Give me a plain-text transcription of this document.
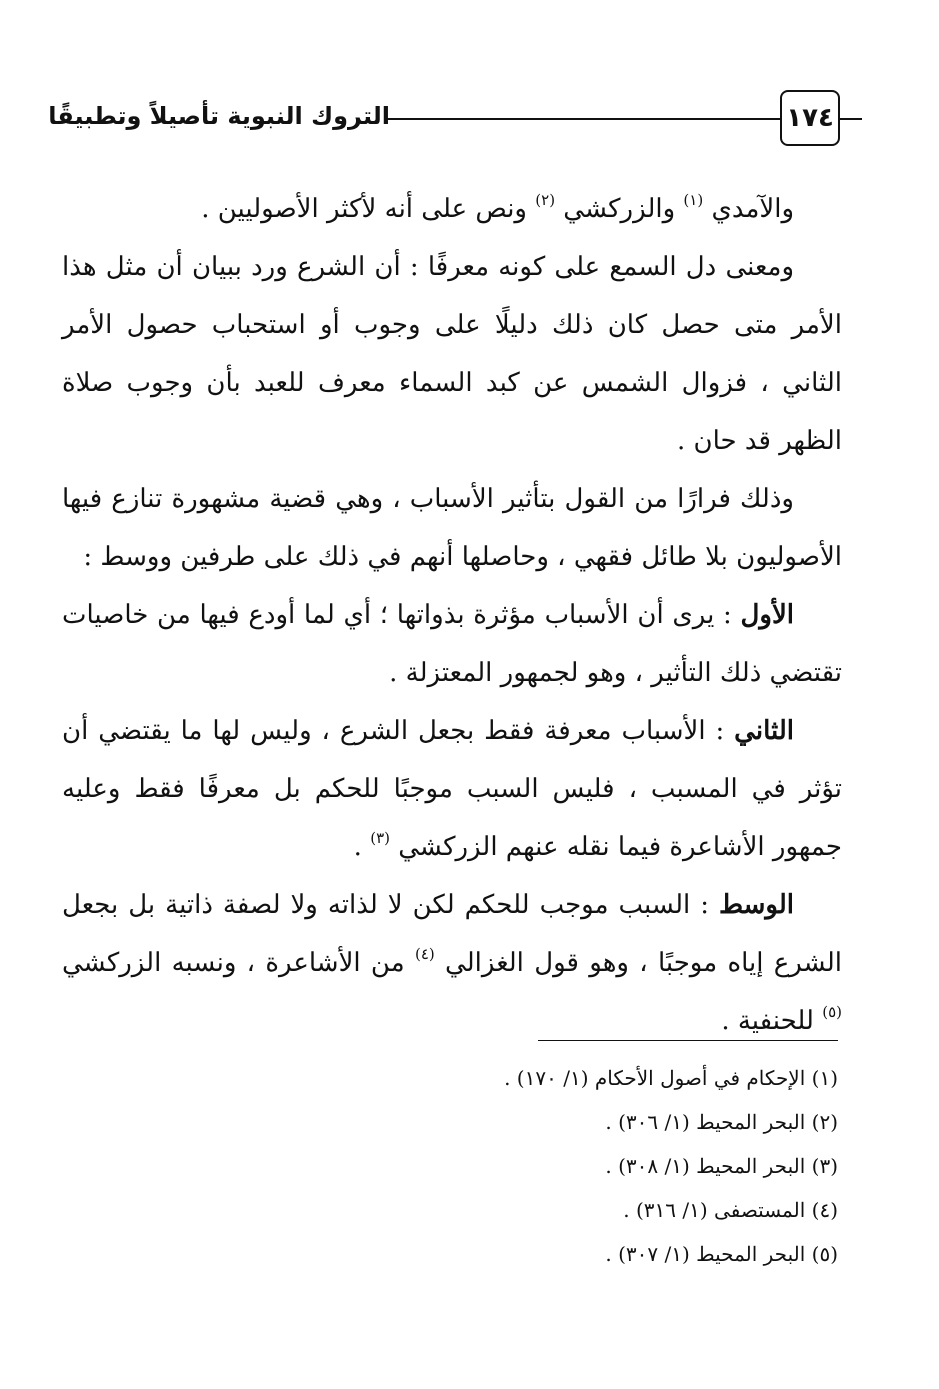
١٧٤
التروك النبوية تأصيلاً وتطبيقًا

والآمدي $^{(١)}$ والزركشي $^{(٢)}$ ونص على أنه لأكثر الأصوليين .

ومعنى دل السمع على كونه معرفًا : أن الشرع ورد ببيان أن مثل هذا الأمر متى حصل كان ذلك دليلًا على وجوب أو استحباب حصول الأمر الثاني ، فزوال الشمس عن كبد السماء معرف للعبد بأن وجوب صلاة الظهر قد حان .

وذلك فرارًا من القول بتأثير الأسباب ، وهي قضية مشهورة تنازع فيها الأصوليون بلا طائل فقهي ، وحاصلها أنهم في ذلك على طرفين ووسط :

الأول : يرى أن الأسباب مؤثرة بذواتها ؛ أي لما أودع فيها من خاصيات تقتضي ذلك التأثير ، وهو لجمهور المعتزلة .

الثاني : الأسباب معرفة فقط بجعل الشرع ، وليس لها ما يقتضي أن تؤثر في المسبب ، فليس السبب موجبًا للحكم بل معرفًا فقط وعليه جمهور الأشاعرة فيما نقله عنهم الزركشي $^{(٣)}$ .

الوسط : السبب موجب للحكم لكن لا لذاته ولا لصفة ذاتية بل بجعل الشرع إياه موجبًا ، وهو قول الغزالي $^{(٤)}$ من الأشاعرة ، ونسبه الزركشي $^{(٥)}$ للحنفية .

(١) الإحكام في أصول الأحكام (١/ ١٧٠) .

(٢) البحر المحيط (١/ ٣٠٦) .

(٣) البحر المحيط (١/ ٣٠٨) .

(٤) المستصفى (١/ ٣١٦) .

(٥) البحر المحيط (١/ ٣٠٧) .
